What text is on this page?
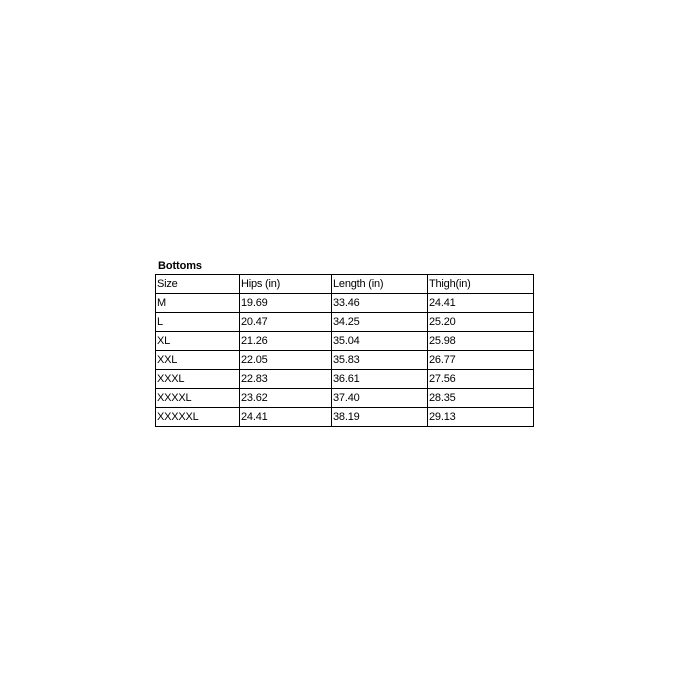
Bottoms
Size	Hips (in)	Length (in)	Thigh(in)
M	19.69	33.46	24.41
L	20.47	34.25	25.20
XL	21.26	35.04	25.98
XXL	22.05	35.83	26.77
XXXL	22.83	36.61	27.56
XXXXL	23.62	37.40	28.35
XXXXXL	24.41	38.19	29.13
